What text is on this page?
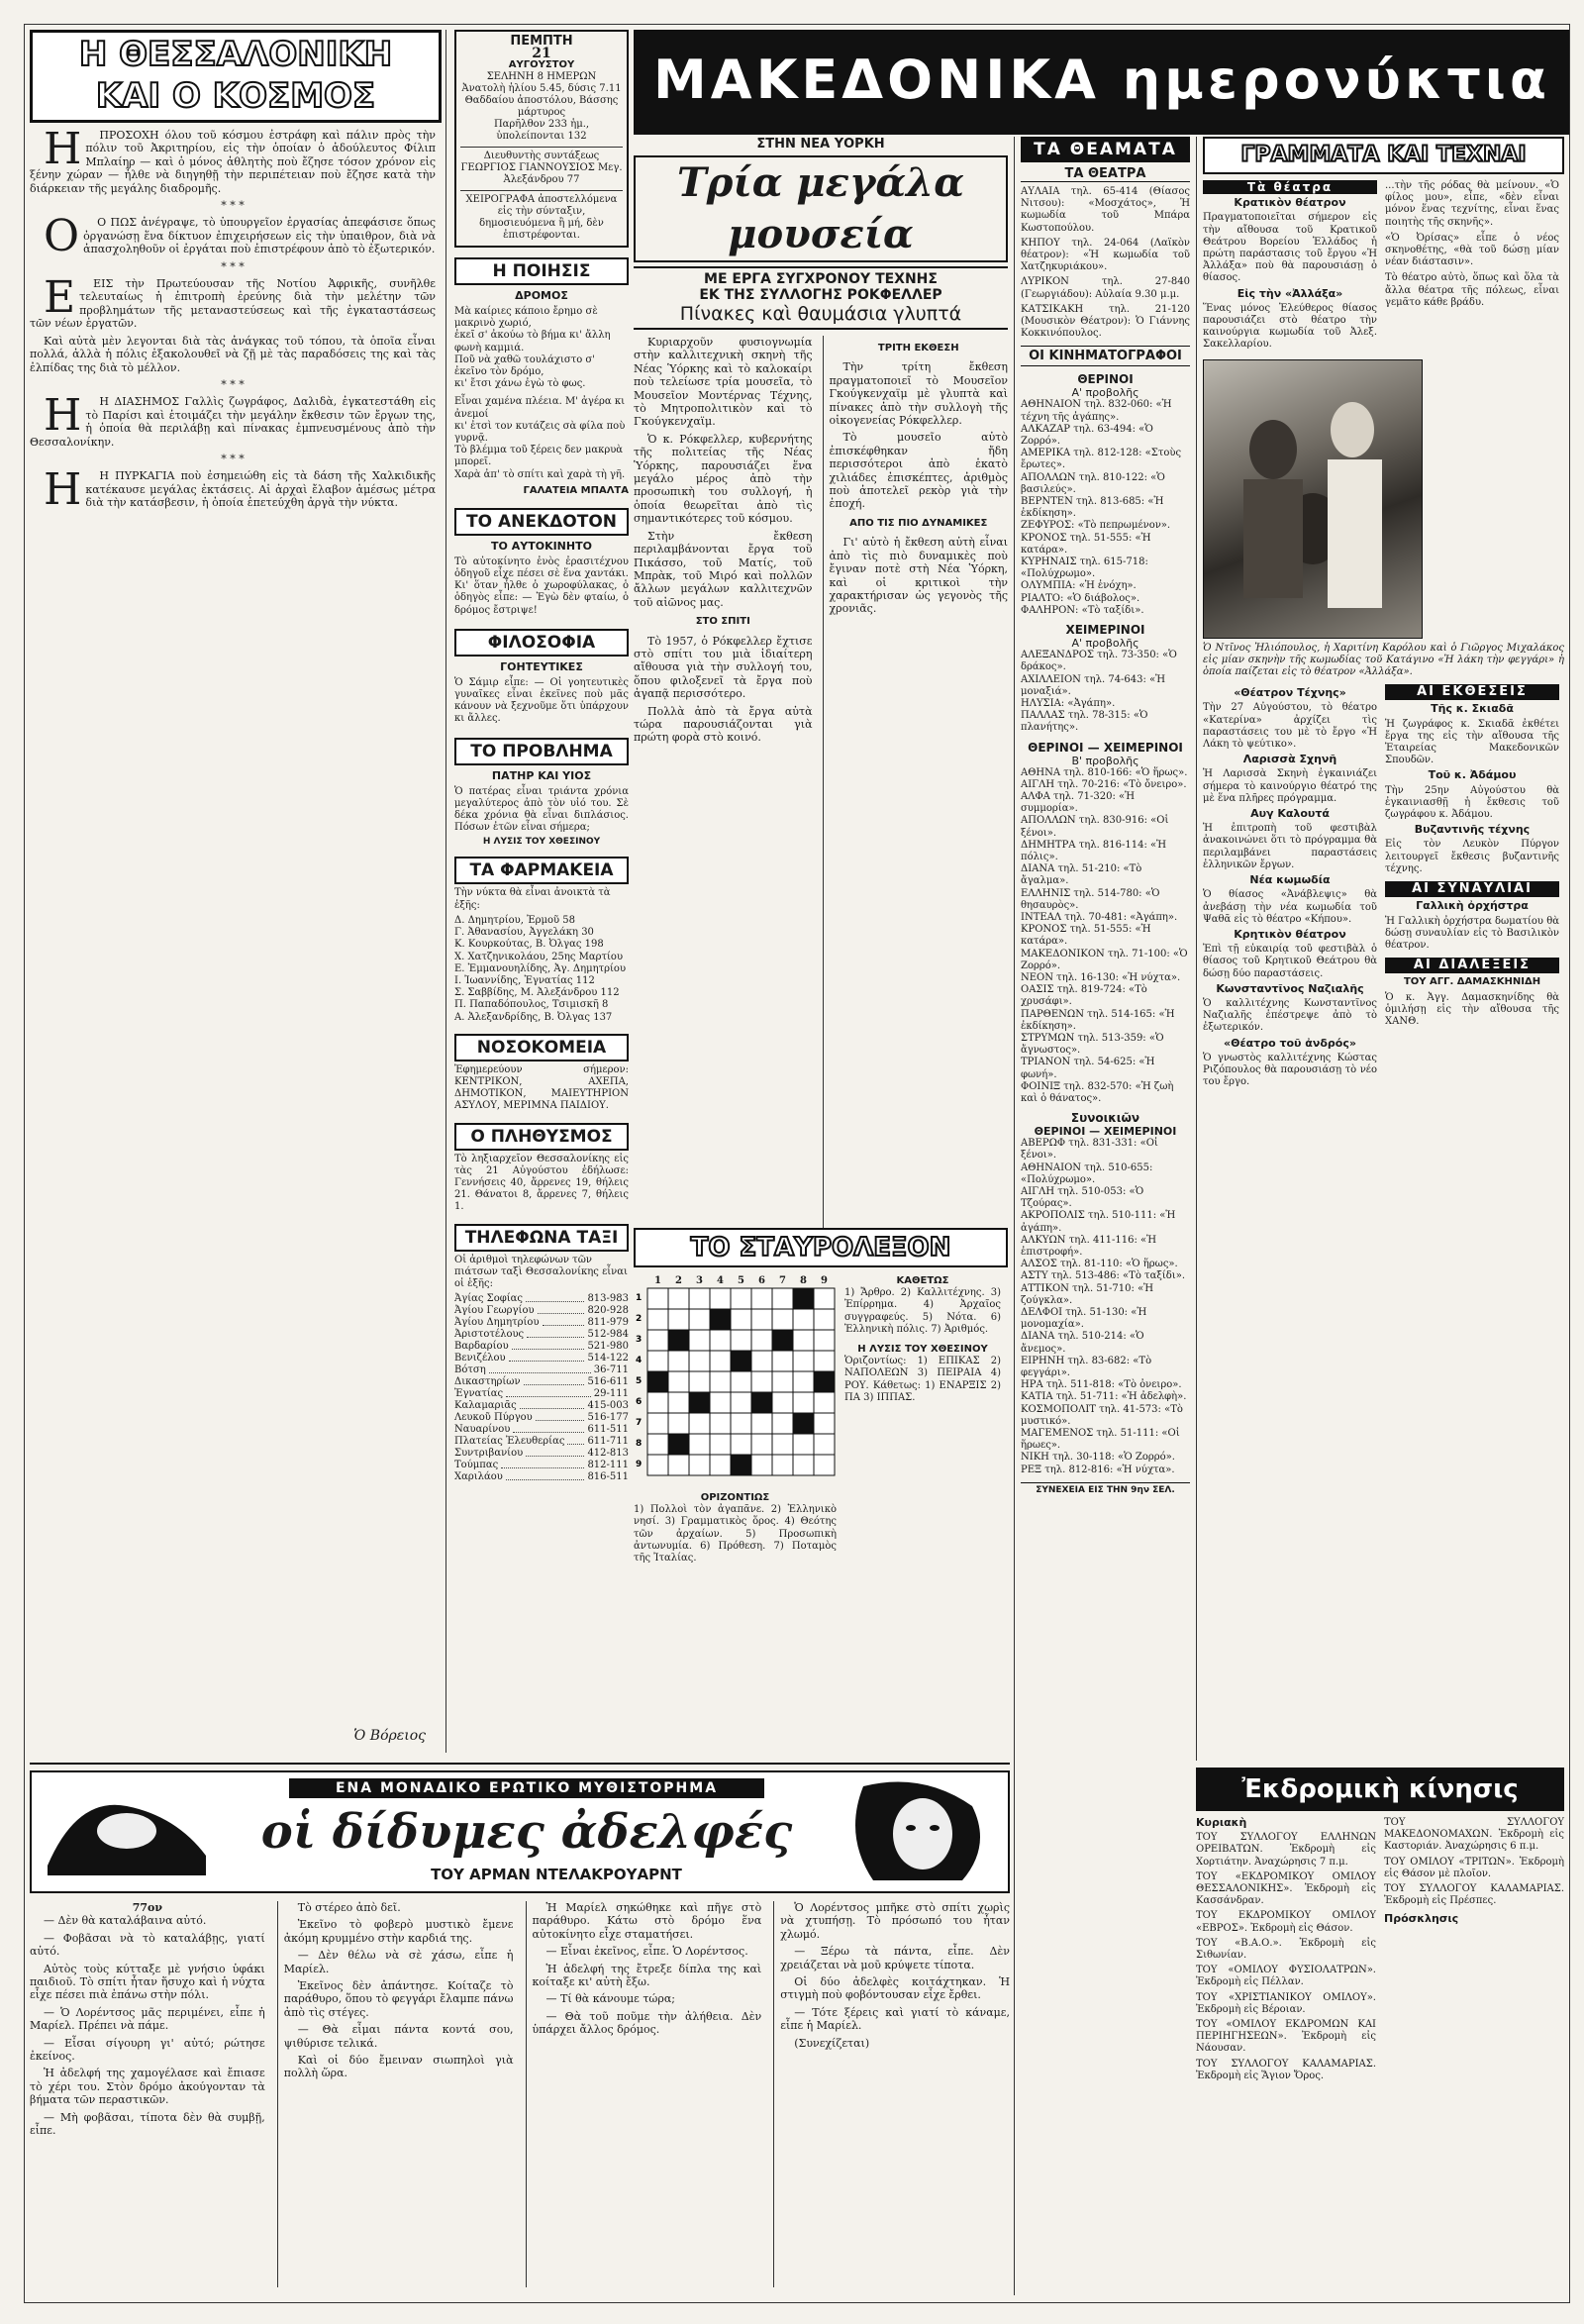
Η ΘΕΣΣΑΛΟΝΙΚΗ
ΚΑΙ Ο ΚΟΣΜΟΣ

Η ΠΡΟΣΟΧΗ όλου τοῦ κόσμου ἐστράφη καὶ πάλιν πρὸς τὴν πόλιν τοῦ Ἀκριτηρίου, εἰς τὴν ὁποίαν ὁ ἀδούλευτος Φίλιπ Μπλαίηρ — καὶ ὁ μόνος ἀθλητὴς ποὺ ἔζησε τόσον χρόνον εἰς ξένην χώραν — ἦλθε νὰ διηγηθῇ τὴν περιπέτειαν ποὺ ἔζησε κατὰ τὴν διάρκειαν τῆς μεγάλης διαδρομῆς.

* * *

Ο Ο ΠΩΣ ἀνέγραψε, τὸ ὑπουργεῖον ἐργασίας ἀπεφάσισε ὅπως ὀργανώσῃ ἕνα δίκτυον ἐπιχειρήσεων εἰς τὴν ὑπαιθρον, διὰ νὰ ἀπασχοληθοῦν οἱ ἐργάται ποὺ ἐπιστρέφουν ἀπὸ τὸ ἐξωτερικόν.

* * *

Ε ΕΙΣ τὴν Πρωτεύουσαν τῆς Νοτίου Ἀφρικῆς, συνῆλθε τελευταίως ἡ ἐπιτροπὴ ἐρεύνης διὰ τὴν μελέτην τῶν προβλημάτων τῆς μεταναστεύσεως καὶ τῆς ἐγκαταστάσεως τῶν νέων ἐργατῶν.

Καὶ αὐτὰ μὲν λεγονται διὰ τὰς ἀνάγκας τοῦ τόπου, τὰ ὁποῖα εἶναι πολλά, ἀλλὰ ἡ πόλις ἐξακολουθεῖ νὰ ζῇ μὲ τὰς παραδόσεις της καὶ τὰς ἐλπίδας της διὰ τὸ μέλλον.

* * *

Η Η ΔΙΑΣΗΜΟΣ Γαλλὶς ζωγράφος, Δαλιδὰ, ἐγκατεστάθη εἰς τὸ Παρίσι καὶ ἑτοιμάζει τὴν μεγάλην ἔκθεσιν τῶν ἔργων της, ἡ ὁποία θὰ περιλάβῃ καὶ πίνακας ἐμπνευσμένους ἀπὸ τὴν Θεσσαλονίκην.

* * *

Η Η ΠΥΡΚΑΓΙΑ ποὺ ἐσημειώθη εἰς τὰ δάση τῆς Χαλκιδικῆς κατέκαυσε μεγάλας ἐκτάσεις. Αἱ ἀρχαὶ ἔλαβον ἀμέσως μέτρα διὰ τὴν κατάσβεσιν, ἡ ὁποία ἐπετεύχθη ἀργὰ τὴν νύκτα.

Ὁ Βόρειος
ΠΕΜΠΤΗ
21
ΑΥΓΟΥΣΤΟΥ
ΣΕΛΗΝΗ 8 ΗΜΕΡΩΝ
Ἀνατολὴ ἡλίου 5.45, δύσις 7.11
Θαδδαίου ἀποστόλου, Βάσσης μάρτυρος
Παρῆλθον 233 ἡμ., ὑπολείπονται 132
Διευθυντὴς συντάξεως ΓΕΩΡΓΙΟΣ ΓΙΑΝΝΟΥΣΙΟΣ Μεγ. Ἀλεξάνδρου 77
ΧΕΙΡΟΓΡΑΦΑ ἀποστελλόμενα εἰς τὴν σύνταξιν, δημοσιευόμενα ἢ μή, δὲν ἐπιστρέφονται.
Η ΠΟΙΗΣΙΣ
ΔΡΟΜΟΣ
Μὰ καίριες κάποιο ἔρημο σὲ μακρινὸ χωριό,
ἐκεῖ σ' ἀκούω τὸ βήμα κι' ἄλλη φωνὴ καμμιά.
Ποῦ νὰ χαθῶ τουλάχιστο σ' ἐκεῖνο τὸν δρόμο,
κι' ἔτσι χάνω ἐγὼ τὸ φως.
Εἶναι χαμένα πλέεια. Μ' ἀγέρα κι ἀνεμοί
κι' ἐτσὶ τον κυτάζεις σὰ φίλα ποὺ γυρνᾷ.
Τὸ βλέμμα τοῦ ξέρεις δεν μακρυὰ μπορεῖ.
Χαρὰ ἀπ' τὸ σπίτι καὶ χαρὰ τὴ γῆ.
ΓΑΛΑΤΕΙΑ ΜΠΑΛΤΑ
ΤΟ ΑΝΕΚΔΟΤΟΝ
ΤΟ ΑΥΤΟΚΙΝΗΤΟ
Τὸ αὐτοκίνητο ἐνὸς ἐρασιτέχνου ὁδηγοῦ εἶχε πέσει σὲ ἕνα χαντάκι. Κι' ὅταν ἦλθε ὁ χωροφύλακας, ὁ ὁδηγὸς εἶπε: — Ἐγὼ δὲν φταίω, ὁ δρόμος ἔστριψε!
ΦΙΛΟΣΟΦΙΑ
ΓΟΗΤΕΥΤΙΚΕΣ
Ὁ Σάμιρ εἶπε: — Οἱ γοητευτικὲς γυναῖκες εἶναι ἐκεῖνες ποὺ μᾶς κάνουν νὰ ξεχνοῦμε ὅτι ὑπάρχουν κι ἄλλες.
ΤΟ ΠΡΟΒΛΗΜΑ
ΠΑΤΗΡ ΚΑΙ ΥΙΟΣ
Ὁ πατέρας εἶναι τριάντα χρόνια μεγαλύτερος ἀπὸ τὸν υἱό του. Σὲ δέκα χρόνια θὰ εἶναι διπλάσιος. Πόσων ἐτῶν εἶναι σήμερα;
Η ΛΥΣΙΣ ΤΟΥ ΧΘΕΣΙΝΟΥ
ΤΑ ΦΑΡΜΑΚΕΙΑ
Τὴν νύκτα θὰ εἶναι ἀνοικτὰ τὰ ἑξῆς:
Δ. Δημητρίου, Ἐρμοῦ 58
Γ. Ἀθανασίου, Ἀγγελάκη 30
Κ. Κουρκούτας, Β. Ὀλγας 198
Χ. Χατζηνικολάου, 25ης Μαρτίου
Ε. Ἐμμανουηλίδης, Ἀγ. Δημητρίου
Ι. Ἰωαννίδης, Ἐγνατίας 112
Σ. Σαββίδης, Μ. Ἀλεξάνδρου 112
Π. Παπαδόπουλος, Τσιμισκῆ 8
Α. Ἀλεξανδρίδης, Β. Ὀλγας 137
ΝΟΣΟΚΟΜΕΙΑ
Ἐφημερεύουν σήμερον: ΚΕΝΤΡΙΚΟΝ, ΑΧΕΠΑ, ΔΗΜΟΤΙΚΟΝ, ΜΑΙΕΥΤΗΡΙΟΝ ΑΣΥΛΟΥ, ΜΕΡΙΜΝΑ ΠΑΙΔΙΟΥ.
Ο ΠΛΗΘΥΣΜΟΣ
Τὸ ληξιαρχεῖον Θεσσαλονίκης εἰς τὰς 21 Αὐγούστου ἐδήλωσε: Γεννήσεις 40, ἄρρενες 19, θήλεις 21. Θάνατοι 8, ἄρρενες 7, θήλεις 1.
ΤΗΛΕΦΩΝΑ ΤΑΞΙ
Οἱ ἀριθμοὶ τηλεφώνων τῶν πιάτσων ταξὶ Θεσσαλονίκης εἶναι οἱ ἑξῆς:
Ἀγίας Σοφίας	813-983
Ἀγίου Γεωργίου	820-928
Ἀγίου Δημητρίου	811-979
Ἀριστοτέλους	512-984
Βαρδαρίου	521-980
Βενιζέλου	514-122
Βότση	36-711
Δικαστηρίων	516-611
Ἐγνατίας	29-111
Καλαμαριᾶς	415-003
Λευκοῦ Πύργου	516-177
Ναυαρίνου	611-511
Πλατείας Ἐλευθερίας 611-711
Συντριβανίου	412-813
Τούμπας	812-111
Χαριλάου	816-511
ΜΑΚΕΔΟΝΙΚΑ ημερονύκτια
ΣΤΗΝ ΝΕΑ ΥΟΡΚΗ
Τρία μεγάλα μουσεία
ΜΕ ΕΡΓΑ ΣΥΓΧΡΟΝΟΥ ΤΕΧΝΗΣ
ΕΚ ΤΗΣ ΣΥΛΛΟΓΗΣ ΡΟΚΦΕΛΛΕΡ
Πίνακες καὶ θαυμάσια γλυπτά

Κυριαρχοῦν φυσιογνωμία στὴν καλλιτεχνικὴ σκηνὴ τῆς Νέας Ὑόρκης καὶ τὸ καλοκαίρι ποὺ τελείωσε τρία μουσεῖα, τὸ Μουσεῖον Μοντέρνας Τέχνης, τὸ Μητροπολιτικὸν καὶ τὸ Γκούγκενχαϊμ.

Ὁ κ. Ρόκφελλερ, κυβερνήτης τῆς πολιτείας τῆς Νέας Ὑόρκης, παρουσιάζει ἕνα μεγάλο μέρος ἀπὸ τὴν προσωπικὴ του συλλογή, ἡ ὁποία θεωρεῖται ἀπὸ τὶς σημαντικότερες τοῦ κόσμου.

Στὴν ἔκθεση περιλαμβάνονται ἔργα τοῦ Πικάσσο, τοῦ Ματίς, τοῦ Μπρὰκ, τοῦ Μιρό καὶ πολλῶν ἄλλων μεγάλων καλλιτεχνῶν τοῦ αἰῶνος μας.

ΣΤΟ ΣΠΙΤΙ

Τὸ 1957, ὁ Ρόκφελλερ ἔχτισε στὸ σπίτι του μιὰ ἰδιαίτερη αἴθουσα γιὰ τὴν συλλογή του, ὅπου φιλοξενεῖ τὰ ἔργα ποὺ ἀγαπᾷ περισσότερο.

Πολλὰ ἀπὸ τὰ ἔργα αὐτὰ τώρα παρουσιάζονται γιὰ πρώτη φορὰ στὸ κοινό.

ΤΡΙΤΗ ΕΚΘΕΣΗ

Τὴν τρίτη ἔκθεση πραγματοποιεῖ τὸ Μουσεῖον Γκούγκενχαϊμ μὲ γλυπτὰ καὶ πίνακες ἀπὸ τὴν συλλογὴ τῆς οἰκογενείας Ρόκφελλερ.

Τὸ μουσεῖο αὐτὸ ἐπισκέφθηκαν ἤδη περισσότεροι ἀπὸ ἑκατὸ χιλιάδες ἐπισκέπτες, ἀριθμὸς ποὺ ἀποτελεῖ ρεκὸρ γιὰ τὴν ἐποχή.

ΑΠΟ ΤΙΣ ΠΙΟ ΔΥΝΑΜΙΚΕΣ

Γι' αὐτὸ ἡ ἔκθεση αὐτὴ εἶναι ἀπὸ τὶς πιὸ δυναμικὲς ποὺ ἔγιναν ποτὲ στὴ Νέα Ὑόρκη, καὶ οἱ κριτικοὶ τὴν χαρακτήρισαν ὡς γεγονὸς τῆς χρονιᾶς.

ΤΟ ΣΤΑΥΡΟΛΕΞΟΝ
1	2	3	4	5	6	7	8	9
1
2
3
4
5
6
7
8
9
ΚΑΘΕΤΩΣ
1) Ἄρθρο. 2) Καλλιτέχνης. 3) Ἐπίρρημα. 4) Ἀρχαῖος συγγραφεύς. 5) Νότα. 6) Ἑλληνικὴ πόλις. 7) Ἀριθμός.
Η ΛΥΣΙΣ ΤΟΥ ΧΘΕΣΙΝΟΥ
Ὁριζοντίως: 1) ΕΠΙΚΑΣ 2) ΝΑΠΟΛΕΩΝ 3) ΠΕΙΡΑΙΑ 4) ΡΟΥ. Κάθετως: 1) ΕΝΑΡΞΙΣ 2) ΠΑ 3) ΙΠΠΑΣ.
ΟΡΙΖΟΝΤΙΩΣ
1) Πολλοὶ τὸν ἀγαπᾶνε. 2) Ἑλληνικὸ νησί. 3) Γραμματικὸς ὅρος. 4) Θεότης τῶν ἀρχαίων. 5) Προσωπικὴ ἀντωνυμία. 6) Πρόθεση. 7) Ποταμὸς τῆς Ἰταλίας.
ΤΑ ΘΕΑΜΑΤΑ
ΤΑ ΘΕΑΤΡΑ
ΑΥΛΑΙΑ τηλ. 65-414 (Θίασος Νιτσου): «Μοσχάτος», Ἡ κωμωδία τοῦ Μπάρα Κωστοπούλου.
ΚΗΠΟΥ τηλ. 24-064 (Λαϊκὸν θέατρον): «Ἡ κωμωδία τοῦ Χατζηκυριάκου».
ΛΥΡΙΚΟΝ τηλ. 27-840 (Γεωργιάδου): Αὐλαία 9.30 μ.μ.
ΚΑΤΣΙΚΑΚΗ τηλ. 21-120 (Μουσικὸν Θέατρον): Ὁ Γιάννης Κοκκινόπουλος.
ΟΙ ΚΙΝΗΜΑΤΟΓΡΑΦΟΙ
ΘΕΡΙΝΟΙ
Α' προβολῆς
ΑΘΗΝΑΙΟΝ τηλ. 832-060: «Ἡ τέχνη τῆς ἀγάπης».
ΑΛΚΑΖΑΡ τηλ. 63-494: «Ὁ Ζορρό».
ΑΜΕΡΙΚΑ τηλ. 812-128: «Στοὺς ἔρωτες».
ΑΠΟΛΛΩΝ τηλ. 810-122: «Ὁ βασιλεύς».
ΒΕΡΝΤΕΝ τηλ. 813-685: «Ἡ ἐκδίκηση».
ΖΕΦΥΡΟΣ: «Τὸ πεπρωμένον».
ΚΡΟΝΟΣ τηλ. 51-555: «Ἡ κατάρα».
ΚΥΡΗΝΑΙΣ τηλ. 615-718: «Πολύχρωμο».
ΟΛΥΜΠΙΑ: «Ἡ ἐνόχη».
ΡΙΑΛΤΟ: «Ὁ διάβολος».
ΦΑΛΗΡΟΝ: «Τὸ ταξίδι».
ΧΕΙΜΕΡΙΝΟΙ
Α' προβολῆς
ΑΛΕΞΑΝΔΡΟΣ τηλ. 73-350: «Ὁ δράκος».
ΑΧΙΛΛΕΙΟΝ τηλ. 74-643: «Ἡ μοναξιά».
ΗΛΥΣΙΑ: «Ἀγάπη».
ΠΑΛΛΑΣ τηλ. 78-315: «Ὁ πλανήτης».
ΘΕΡΙΝΟΙ — ΧΕΙΜΕΡΙΝΟΙ
Β' προβολῆς
ΑΘΗΝΑ τηλ. 810-166: «Ὁ ἥρως».
ΑΙΓΛΗ τηλ. 70-216: «Τὸ ὄνειρο».
ΑΛΦΑ τηλ. 71-320: «Ἡ συμμορία».
ΑΠΟΛΛΩΝ τηλ. 830-916: «Οἱ ξένοι».
ΔΗΜΗΤΡΑ τηλ. 816-114: «Ἡ πόλις».
ΔΙΑΝΑ τηλ. 51-210: «Τὸ ἄγαλμα».
ΕΛΛΗΝΙΣ τηλ. 514-780: «Ὁ θησαυρὸς».
ΙΝΤΕΑΛ τηλ. 70-481: «Ἀγάπη».
ΚΡΟΝΟΣ τηλ. 51-555: «Ἡ κατάρα».
ΜΑΚΕΔΟΝΙΚΟΝ τηλ. 71-100: «Ὁ Ζορρό».
ΝΕΟΝ τηλ. 16-130: «Ἡ νύχτα».
ΟΑΣΙΣ τηλ. 819-724: «Τὸ χρυσάφι».
ΠΑΡΘΕΝΩΝ τηλ. 514-165: «Ἡ ἐκδίκηση».
ΣΤΡΥΜΩΝ τηλ. 513-359: «Ὁ ἄγνωστος».
ΤΡΙΑΝΟΝ τηλ. 54-625: «Ἡ φωνή».
ΦΟΙΝΙΞ τηλ. 832-570: «Ἡ ζωὴ καὶ ὁ θάνατος».
Συνοικιῶν
ΘΕΡΙΝΟΙ — ΧΕΙΜΕΡΙΝΟΙ
ΑΒΕΡΩΦ τηλ. 831-331: «Οἱ ξένοι».
ΑΘΗΝΑΙΟΝ τηλ. 510-655: «Πολύχρωμο».
ΑΙΓΛΗ τηλ. 510-053: «Ὁ Τζούρας».
ΑΚΡΟΠΟΛΙΣ τηλ. 510-111: «Ἡ ἀγάπη».
ΑΛΚΥΩΝ τηλ. 411-116: «Ἡ ἐπιστροφή».
ΑΛΣΟΣ τηλ. 81-110: «Ὁ ἥρως».
ΑΣΤΥ τηλ. 513-486: «Τὸ ταξίδι».
ΑΤΤΙΚΟΝ τηλ. 51-710: «Ἡ ζούγκλα».
ΔΕΛΦΟΙ τηλ. 51-130: «Ἡ μονομαχία».
ΔΙΑΝΑ τηλ. 510-214: «Ὁ ἄνεμος».
ΕΙΡΗΝΗ τηλ. 83-682: «Τὸ φεγγάρι».
ΗΡΑ τηλ. 511-818: «Τὸ ὀνειρο».
ΚΑΤΙΑ τηλ. 51-711: «Ἡ ἀδελφὴ».
ΚΟΣΜΟΠΟΛΙΤ τηλ. 41-573: «Τὸ μυστικό».
ΜΑΓΕΜΕΝΟΣ τηλ. 51-111: «Οἱ ἥρωες».
ΝΙΚΗ τηλ. 30-118: «Ὁ Ζορρό».
ΡΕΞ τηλ. 812-816: «Ἡ νύχτα».
ΣΥΝΕΧΕΙΑ ΕΙΣ ΤΗΝ 9ην ΣΕΛ.
ΓΡΑΜΜΑΤΑ ΚΑΙ ΤΕΧΝΑΙ
Τὰ θέατρα
Κρατικὸν θέατρον
Πραγματοποιεῖται σήμερον εἰς τὴν αἴθουσα τοῦ Κρατικοῦ Θεάτρου Βορείου Ἑλλάδος ἡ πρώτη παράστασις τοῦ ἔργου «Ἡ Ἀλλάξα» ποὺ θὰ παρουσιάσῃ ὁ θίασος.
Εἰς τὴν «Ἀλλάξα»
Ἕνας μόνος Ἑλεύθερος θίασος παρουσιάζει στὸ θέατρο τὴν καινούργια κωμωδία τοῦ Ἀλεξ. Σακελλαρίου.
...τὴν τῆς ρόδας θὰ μείνουν. «Ὁ φίλος μου», εἶπε, «δὲν εἶναι μόνον ἕνας τεχνίτης, εἶναι ἕνας ποιητὴς τῆς σκηνῆς».
«Ὁ Ὀρίσας» εἶπε ὁ νέος σκηνοθέτης, «θὰ τοῦ δώσῃ μίαν νέαν διάστασιν».
Τὸ θέατρο αὐτὸ, ὅπως καὶ ὅλα τὰ ἄλλα θέατρα τῆς πόλεως, εἶναι γεμᾶτο κάθε βράδυ.
Ὁ Ντῖνος Ἠλιόπουλος, ἡ Χαριτίνη Καρόλου καὶ ὁ Γιῶργος Μιχαλάκος εἰς μίαν σκηνὴν τῆς κωμωδίας τοῦ Κατάγινο «Ἡ λάκη τὴν φεγγάρι» ἡ ὁποία παίζεται εἰς τὸ θέατρον «Ἀλλάξα».
«Θέατρον Τέχνης»
Τὴν 27 Αὐγούστου, τὸ θέατρο «Κατερίνα» ἀρχίζει τὶς παραστάσεις του μὲ τὸ ἔργο «Ἡ Λάκη τὸ ψεύτικο».
Λαρισσὰ Σχηνῆ
Ἡ Λαρισσὰ Σκηνὴ ἐγκαινιάζει σήμερα τὸ καινούργιο θέατρό της μὲ ἕνα πλῆρες πρόγραμμα.
Αυγ Καλουτά
Ἡ ἐπιτροπὴ τοῦ φεστιβὰλ ἀνακοινώνει ὅτι τὸ πρόγραμμα θὰ περιλαμβάνει παραστάσεις ἐλληνικῶν ἔργων.
Νέα κωμωδία
Ὁ θίασος «Ἀνάβλεψις» θὰ ἀνεβάσῃ τὴν νέα κωμωδία τοῦ Ψαθᾶ εἰς τὸ θέατρο «Κήπου».
Κρητικὸν θέατρον
Ἐπὶ τῇ εὐκαιρίᾳ τοῦ φεστιβὰλ ὁ θίασος τοῦ Κρητικοῦ Θεάτρου θὰ δώσῃ δύο παραστάσεις.
Κωνσταντῖνος Ναζιαλῆς
Ὁ καλλιτέχνης Κωνσταντῖνος Ναζιαλῆς ἐπέστρεψε ἀπὸ τὸ ἐξωτερικόν.
«Θέατρο τοῦ ἀνδρός»
Ὁ γνωστὸς καλλιτέχνης Κώστας Ριζόπουλος θὰ παρουσιάσῃ τὸ νέο του ἔργο.
ΑΙ ΕΚΘΕΣΕΙΣ
Τῆς κ. Σκιαδᾶ
Ἡ ζωγράφος κ. Σκιαδᾶ ἐκθέτει ἔργα της εἰς τὴν αἴθουσα τῆς Ἑταιρείας Μακεδονικῶν Σπουδῶν.
Τοῦ κ. Ἀδάμου
Τὴν 25ην Αὐγούστου θὰ ἐγκαινιασθῇ ἡ ἔκθεσις τοῦ ζωγράφου κ. Ἀδάμου.
Βυζαντινῆς τέχνης
Εἰς τὸν Λευκὸν Πύργον λειτουργεῖ ἔκθεσις βυζαντινῆς τέχνης.
ΑΙ ΣΥΝΑΥΛΙΑΙ
Γαλλικὴ ὀρχήστρα
Ἡ Γαλλικὴ ὀρχήστρα δωματίου θὰ δώσῃ συναυλίαν εἰς τὸ Βασιλικὸν θέατρον.
ΑΙ ΔΙΑΛΕΞΕΙΣ
ΤΟΥ ΑΓΓ. ΔΑΜΑΣΚΗΝΙΔΗ
Ὁ κ. Ἀγγ. Δαμασκηνίδης θὰ ὁμιλήσῃ εἰς τὴν αἴθουσα τῆς ΧΑΝΘ.
Ἐκδρομικὴ κίνησις
Κυριακὴ
ΤΟΥ ΣΥΛΛΟΓΟΥ ΕΛΛΗΝΩΝ ΟΡΕΙΒΑΤΩΝ. Ἐκδρομὴ εἰς Χορτιάτην. Ἀναχώρησις 7 π.μ.
ΤΟΥ «ΕΚΔΡΟΜΙΚΟΥ ΟΜΙΛΟΥ ΘΕΣΣΑΛΟΝΙΚΗΣ». Ἐκδρομὴ εἰς Κασσάνδραν.
ΤΟΥ ΕΚΔΡΟΜΙΚΟΥ ΟΜΙΛΟΥ «ΕΒΡΟΣ». Ἐκδρομὴ εἰς Θάσον.
ΤΟΥ «Β.Α.Ο.». Ἐκδρομὴ εἰς Σιθωνίαν.
ΤΟΥ «ΟΜΙΛΟΥ ΦΥΣΙΟΛΑΤΡΩΝ». Ἐκδρομὴ εἰς Πέλλαν.
ΤΟΥ «ΧΡΙΣΤΙΑΝΙΚΟΥ ΟΜΙΛΟΥ». Ἐκδρομὴ εἰς Βέροιαν.
ΤΟΥ «ΟΜΙΛΟΥ ΕΚΔΡΟΜΩΝ ΚΑΙ ΠΕΡΙΗΓΗΣΕΩΝ». Ἐκδρομὴ εἰς Νάουσαν.
ΤΟΥ ΣΥΛΛΟΓΟΥ ΚΑΛΑΜΑΡΙΑΣ. Ἐκδρομὴ εἰς Ἅγιον Ὄρος.
ΤΟΥ ΣΥΛΛΟΓΟΥ ΜΑΚΕΔΟΝΟΜΑΧΩΝ. Ἐκδρομὴ εἰς Καστοριάν. Ἀναχώρησις 6 π.μ.
ΤΟΥ ΟΜΙΛΟΥ «ΤΡΙΤΩΝ». Ἐκδρομὴ εἰς Θάσον μὲ πλοῖον.
ΤΟΥ ΣΥΛΛΟΓΟΥ ΚΑΛΑΜΑΡΙΑΣ. Ἐκδρομὴ εἰς Πρέσπες.
Πρόσκλησις
ΕΝΑ ΜΟΝΑΔΙΚΟ ΕΡΩΤΙΚΟ ΜΥΘΙΣΤΟΡΗΜΑ
οἱ δίδυμες ἀδελφές
ΤΟΥ ΑΡΜΑΝ ΝΤΕΛΑΚΡΟΥΑΡΝΤ
77ον

— Δὲν θὰ καταλάβαινα αὐτό.

— Φοβᾶσαι νὰ τὸ καταλάβῃς, γιατί αὐτό.

Αὐτὸς τοὺς κύτταξε μὲ γνήσιο ὑφάκι παιδιοῦ. Τὸ σπίτι ἦταν ἥσυχο καὶ ἡ νύχτα εἶχε πέσει πιὰ ἐπάνω στὴν πόλι.

— Ὁ Λορέντσος μᾶς περιμένει, εἶπε ἡ Μαρίελ. Πρέπει νὰ πάμε.

— Εἶσαι σίγουρη γι' αὐτό; ρώτησε ἐκείνος.

Ἡ ἀδελφή της χαμογέλασε καὶ ἔπιασε τὸ χέρι του. Στὸν δρόμο ἀκούγονταν τὰ βήματα τῶν περαστικῶν.

— Μὴ φοβᾶσαι, τίποτα δὲν θὰ συμβῇ, εἶπε.

Τὸ στέρεο ἀπὸ δεῖ.

Ἐκεῖνο τὸ φοβερὸ μυστικὸ ἔμενε ἀκόμη κρυμμένο στὴν καρδιά της.

— Δὲν θέλω νὰ σὲ χάσω, εἶπε ἡ Μαρίελ.

Ἐκεῖνος δὲν ἀπάντησε. Κοίταζε τὸ παράθυρο, ὅπου τὸ φεγγάρι ἔλαμπε πάνω ἀπὸ τὶς στέγες.

— Θὰ εἶμαι πάντα κοντά σου, ψιθύρισε τελικά.

Καὶ οἱ δύο ἔμειναν σιωπηλοὶ γιὰ πολλὴ ὥρα.

Ἡ Μαρίελ σηκώθηκε καὶ πῆγε στὸ παράθυρο. Κάτω στὸ δρόμο ἕνα αὐτοκίνητο εἶχε σταματήσει.

— Εἶναι ἐκεῖνος, εἶπε. Ὁ Λορέντσος.

Ἡ ἀδελφή της ἔτρεξε δίπλα της καὶ κοίταξε κι' αὐτὴ ἔξω.

— Τί θὰ κάνουμε τώρα;

— Θὰ τοῦ ποῦμε τὴν ἀλήθεια. Δὲν ὑπάρχει ἄλλος δρόμος.

Ὁ Λορέντσος μπῆκε στὸ σπίτι χωρὶς νὰ χτυπήσῃ. Τὸ πρόσωπό του ἦταν χλωμό.

— Ξέρω τὰ πάντα, εἶπε. Δὲν χρειάζεται νὰ μοῦ κρύψετε τίποτα.

Οἱ δύο ἀδελφὲς κοιτάχτηκαν. Ἡ στιγμὴ ποὺ φοβόντουσαν εἶχε ἔρθει.

— Τότε ξέρεις καὶ γιατί τὸ κάναμε, εἶπε ἡ Μαρίελ.

(Συνεχίζεται)
